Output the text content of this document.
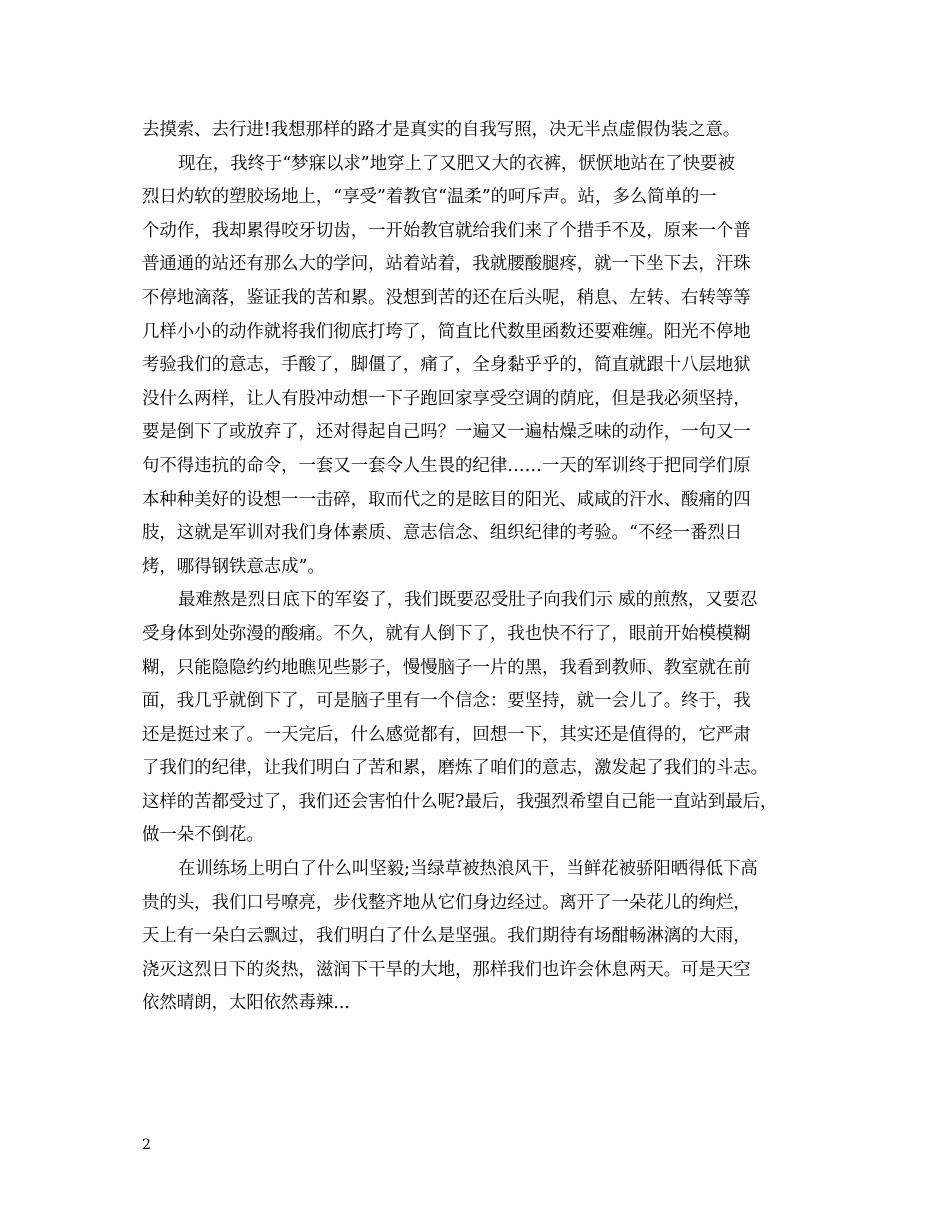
去摸索、去行进!我想那样的路才是真实的自我写照，决无半点虚假伪装之意。
现在，我终于“梦寐以求”地穿上了又肥又大的衣裤，恹恹地站在了快要被
烈日灼软的塑胶场地上，“享受”着教官“温柔”的呵斥声。站，多么简单的一
个动作，我却累得咬牙切齿，一开始教官就给我们来了个措手不及，原来一个普
普通通的站还有那么大的学问，站着站着，我就腰酸腿疼，就一下坐下去，汗珠
不停地滴落，鉴证我的苦和累。没想到苦的还在后头呢，稍息、左转、右转等等
几样小小的动作就将我们彻底打垮了，简直比代数里函数还要难缠。阳光不停地
考验我们的意志，手酸了，脚僵了，痛了，全身黏乎乎的，简直就跟十八层地狱
没什么两样，让人有股冲动想一下子跑回家享受空调的荫庇，但是我必须坚持，
要是倒下了或放弃了，还对得起自己吗？一遍又一遍枯燥乏味的动作，一句又一
句不得违抗的命令，一套又一套令人生畏的纪律……一天的军训终于把同学们原
本种种美好的设想一一击碎，取而代之的是眩目的阳光、咸咸的汗水、酸痛的四
肢，这就是军训对我们身体素质、意志信念、组织纪律的考验。“不经一番烈日
烤，哪得钢铁意志成”。
最难熬是烈日底下的军姿了，我们既要忍受肚子向我们示 威的煎熬，又要忍
受身体到处弥漫的酸痛。不久，就有人倒下了，我也快不行了，眼前开始模模糊
糊，只能隐隐约约地瞧见些影子，慢慢脑子一片的黑，我看到教师、教室就在前
面，我几乎就倒下了，可是脑子里有一个信念：要坚持，就一会儿了。终于，我
还是挺过来了。一天完后，什么感觉都有，回想一下，其实还是值得的，它严肃
了我们的纪律，让我们明白了苦和累，磨炼了咱们的意志，激发起了我们的斗志。
这样的苦都受过了，我们还会害怕什么呢?最后，我强烈希望自己能一直站到最后，
做一朵不倒花。
在训练场上明白了什么叫坚毅;当绿草被热浪风干，当鲜花被骄阳晒得低下高
贵的头，我们口号嘹亮，步伐整齐地从它们身边经过。离开了一朵花儿的绚烂，
天上有一朵白云飘过，我们明白了什么是坚强。我们期待有场酣畅淋漓的大雨，
浇灭这烈日下的炎热，滋润下干旱的大地，那样我们也许会休息两天。可是天空
依然晴朗，太阳依然毒辣...
2
